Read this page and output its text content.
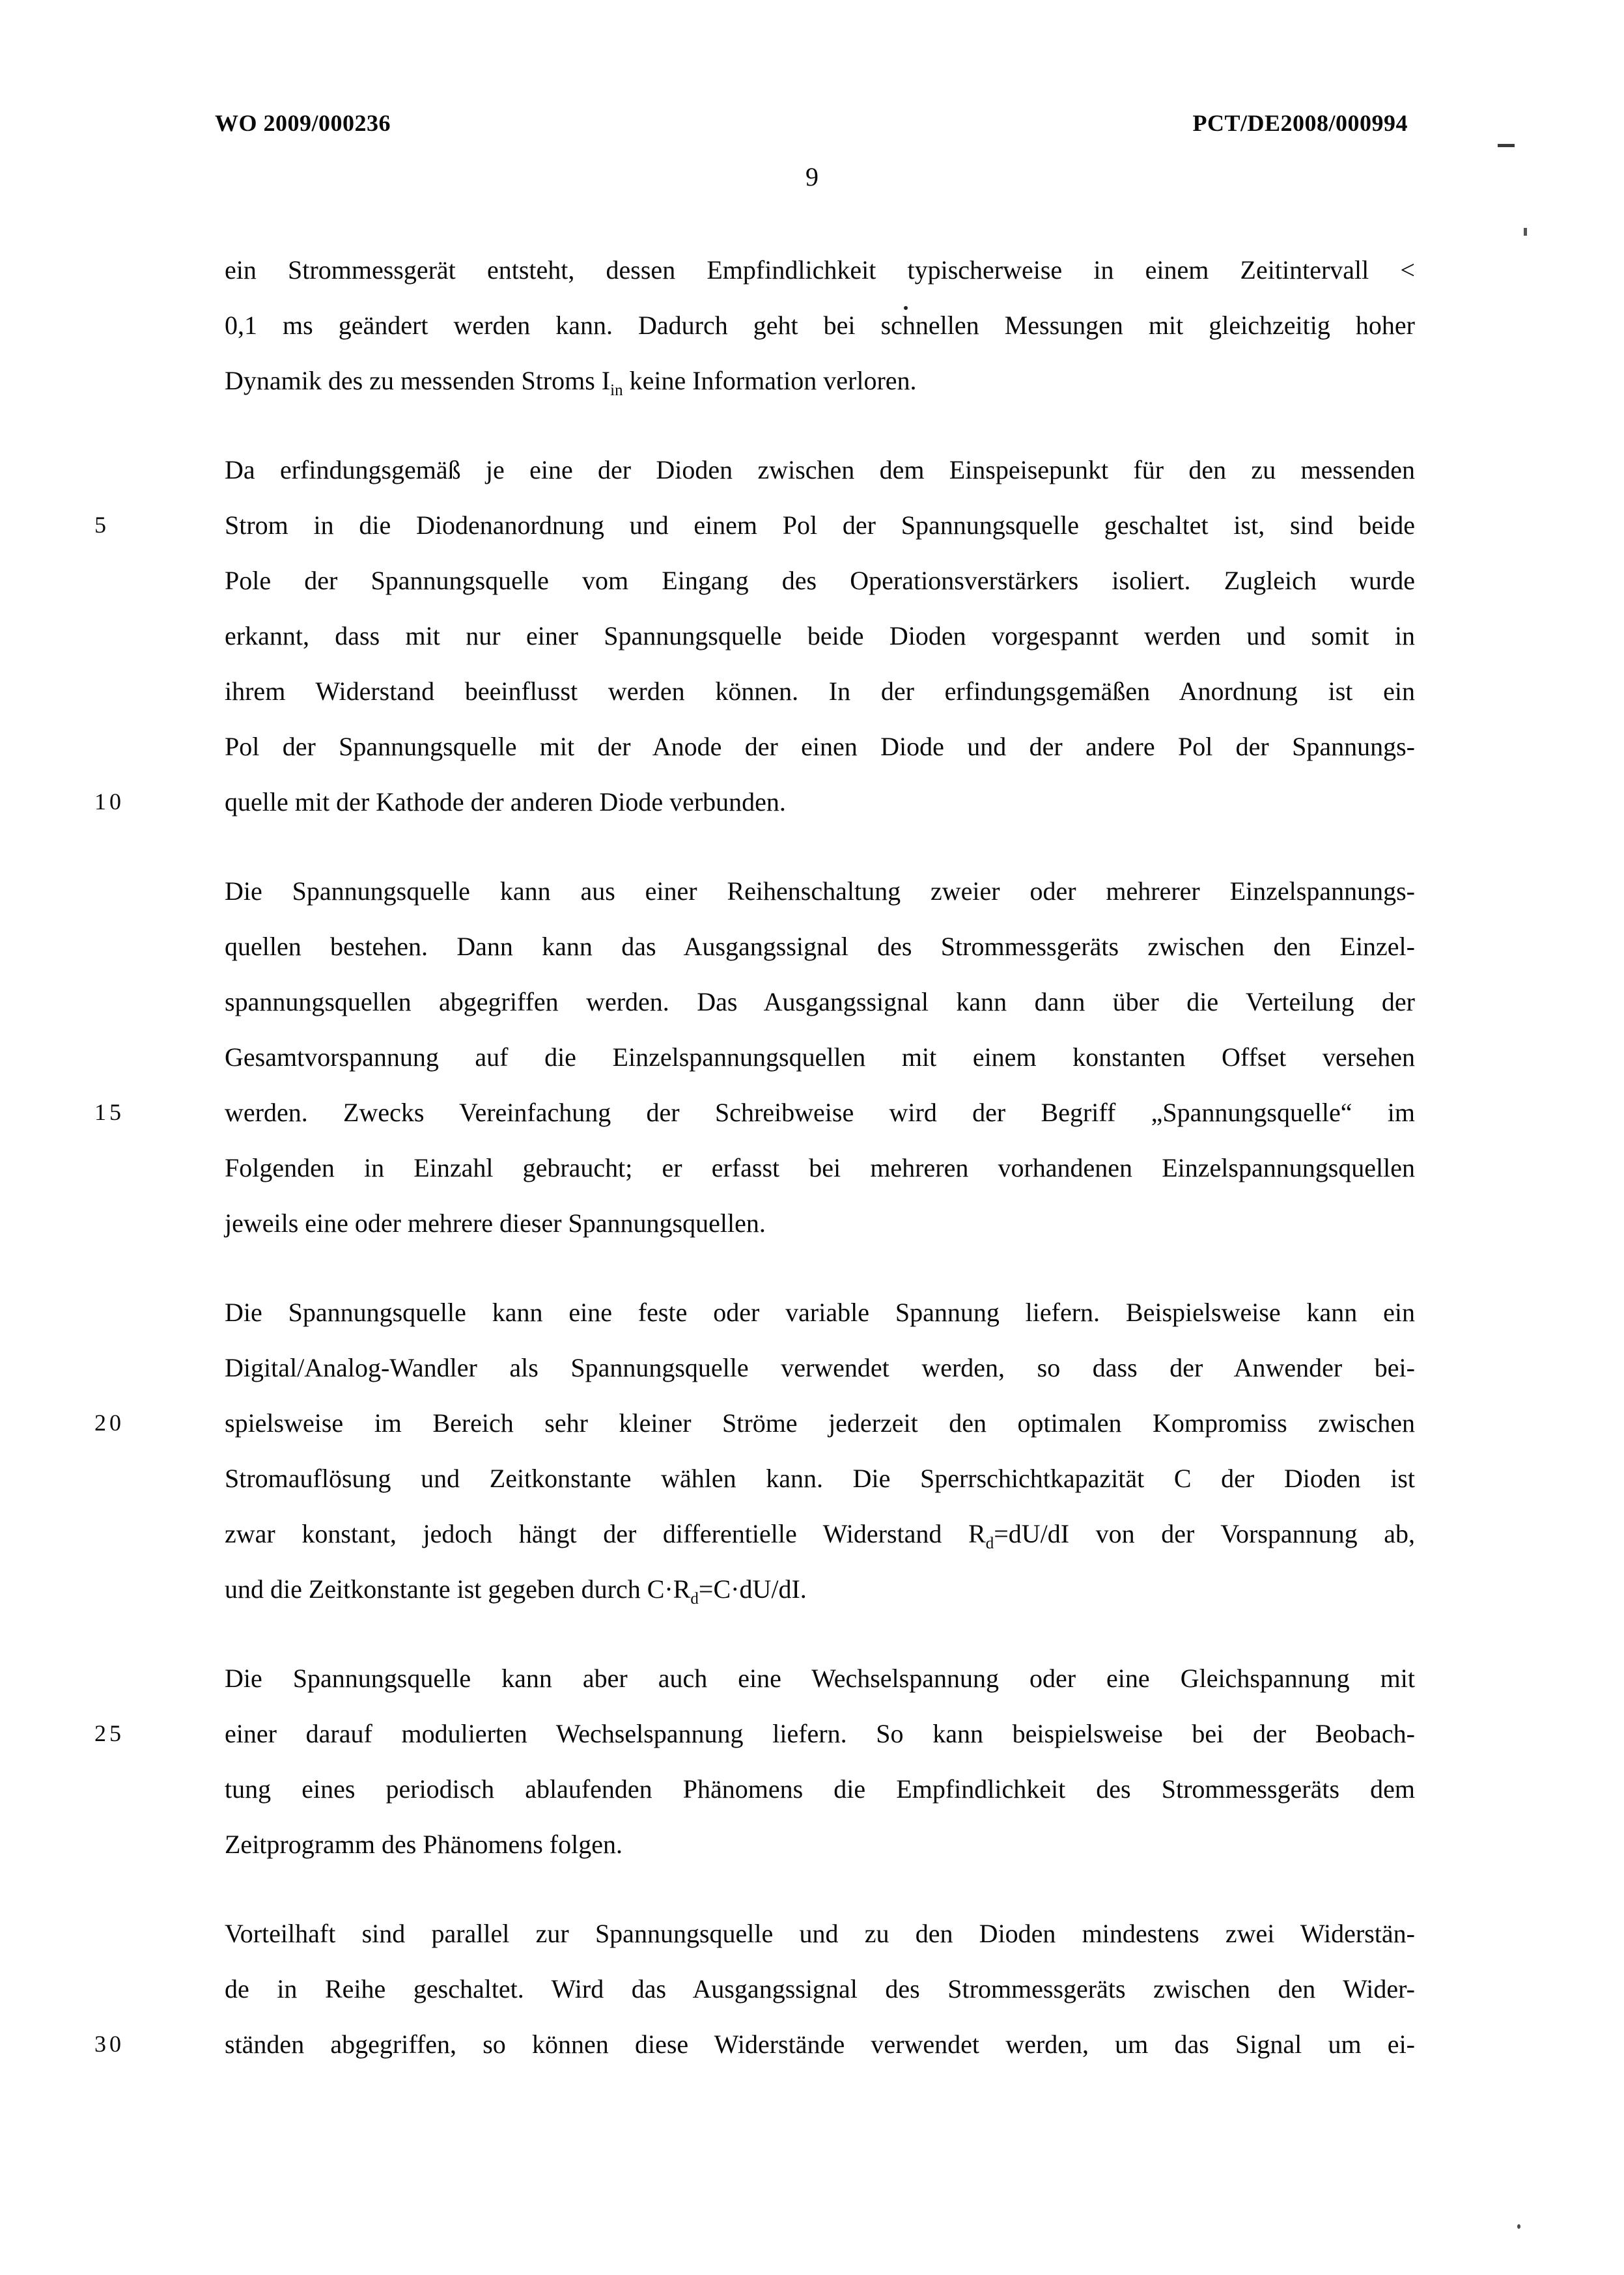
WO 2009/000236	PCT/DE2008/000994
9
ein Strommessgerät entsteht, dessen Empfindlichkeit typischerweise in einem Zeitintervall <
0,1 ms geändert werden kann. Dadurch geht bei schnellen Messungen mit gleichzeitig hoher
Dynamik des zu messenden Stroms $I_{in}$ keine Information verloren.
Da erfindungsgemäß je eine der Dioden zwischen dem Einspeisepunkt für den zu messenden
5	Strom in die Diodenanordnung und einem Pol der Spannungsquelle geschaltet ist, sind beide
Pole der Spannungsquelle vom Eingang des Operationsverstärkers isoliert. Zugleich wurde
erkannt, dass mit nur einer Spannungsquelle beide Dioden vorgespannt werden und somit in
ihrem Widerstand beeinflusst werden können. In der erfindungsgemäßen Anordnung ist ein
Pol der Spannungsquelle mit der Anode der einen Diode und der andere Pol der Spannungs-
10	quelle mit der Kathode der anderen Diode verbunden.
Die Spannungsquelle kann aus einer Reihenschaltung zweier oder mehrerer Einzelspannungs-
quellen bestehen. Dann kann das Ausgangssignal des Strommessgeräts zwischen den Einzel-
spannungsquellen abgegriffen werden. Das Ausgangssignal kann dann über die Verteilung der
Gesamtvorspannung auf die Einzelspannungsquellen mit einem konstanten Offset versehen
15	werden. Zwecks Vereinfachung der Schreibweise wird der Begriff „Spannungsquelle“ im
Folgenden in Einzahl gebraucht; er erfasst bei mehreren vorhandenen Einzelspannungsquellen
jeweils eine oder mehrere dieser Spannungsquellen.
Die Spannungsquelle kann eine feste oder variable Spannung liefern. Beispielsweise kann ein
Digital/Analog-Wandler als Spannungsquelle verwendet werden, so dass der Anwender bei-
20	spielsweise im Bereich sehr kleiner Ströme jederzeit den optimalen Kompromiss zwischen
Stromauflösung und Zeitkonstante wählen kann. Die Sperrschichtkapazität C der Dioden ist
zwar konstant, jedoch hängt der differentielle Widerstand $R_d=dU/dI$ von der Vorspannung ab,
und die Zeitkonstante ist gegeben durch $C\cdot R_d=C\cdot dU/dI$.
Die Spannungsquelle kann aber auch eine Wechselspannung oder eine Gleichspannung mit
25	einer darauf modulierten Wechselspannung liefern. So kann beispielsweise bei der Beobach-
tung eines periodisch ablaufenden Phänomens die Empfindlichkeit des Strommessgeräts dem
Zeitprogramm des Phänomens folgen.
Vorteilhaft sind parallel zur Spannungsquelle und zu den Dioden mindestens zwei Widerstän-
de in Reihe geschaltet. Wird das Ausgangssignal des Strommessgeräts zwischen den Wider-
30	ständen abgegriffen, so können diese Widerstände verwendet werden, um das Signal um ei-
